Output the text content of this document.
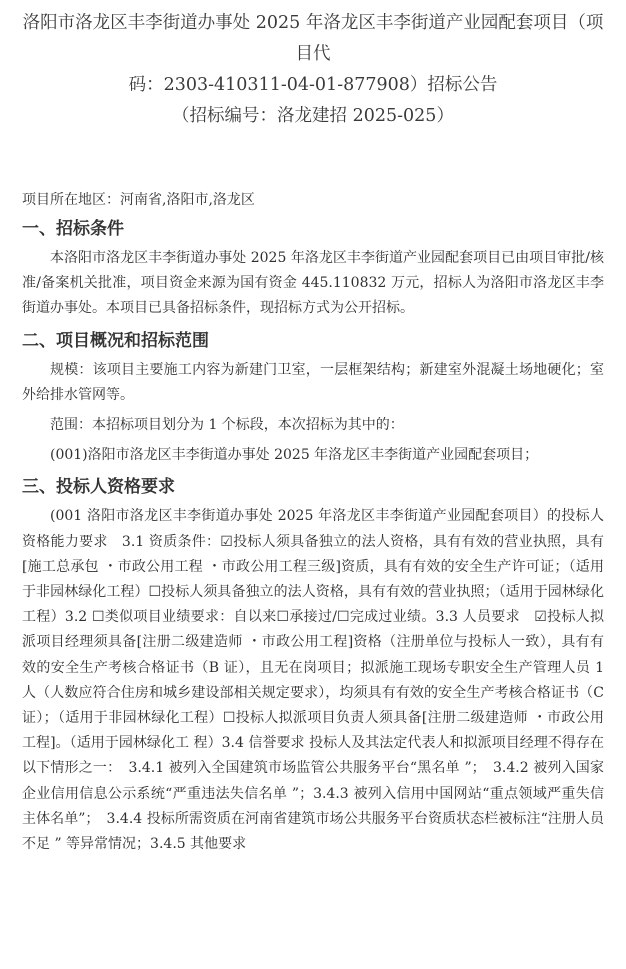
洛阳市洛龙区丰李街道办事处 2025 年洛龙区丰李街道产业园配套项目（项目代
码：2303-410311-04-01-877908）招标公告
（招标编号：洛龙建招 2025-025）
项目所在地区：河南省,洛阳市,洛龙区
一、招标条件

本洛阳市洛龙区丰李街道办事处 2025 年洛龙区丰李街道产业园配套项目已由项目审批/核准/备案机关批准，项目资金来源为国有资金 445.110832 万元，招标人为洛阳市洛龙区丰李街道办事处。本项目已具备招标条件，现招标方式为公开招标。

二、项目概况和招标范围

规模：该项目主要施工内容为新建门卫室，一层框架结构；新建室外混凝土场地硬化；室外给排水管网等。

范围：本招标项目划分为 1 个标段，本次招标为其中的：

(001)洛阳市洛龙区丰李街道办事处 2025 年洛龙区丰李街道产业园配套项目；

三、投标人资格要求

(001 洛阳市洛龙区丰李街道办事处 2025 年洛龙区丰李街道产业园配套项目）的投标人资格能力要求　3.1 资质条件：☑投标人须具备独立的法人资格，具有有效的营业执照，具有[施工总承包 ・市政公用工程 ・市政公用工程三级]资质，具有有效的安全生产许可证；（适用于非园林绿化工程）☐投标人须具备独立的法人资格，具有有效的营业执照；（适用于园林绿化工程）3.2 ☐类似项目业绩要求：自以来☐承接过/☐完成过业绩。3.3 人员要求　☑投标人拟派项目经理须具备[注册二级建造师 ・市政公用工程]资格（注册单位与投标人一致），具有有效的安全生产考核合格证书（B 证），且无在岗项目；拟派施工现场专职安全生产管理人员 1 人（人数应符合住房和城乡建设部相关规定要求），均须具有有效的安全生产考核合格证书（C 证）；（适用于非园林绿化工程）☐投标人拟派项目负责人须具备[注册二级建造师 ・市政公用工程]。（适用于园林绿化工 程）3.4 信誉要求 投标人及其法定代表人和拟派项目经理不得存在以下情形之一：　3.4.1 被列入全国建筑市场监管公共服务平台“黑名单 ”；　3.4.2 被列入国家企业信用信息公示系统“严重违法失信名单 ”；3.4.3 被列入信用中国网站“重点领域严重失信主体名单”；　3.4.4 投标所需资质在河南省建筑市场公共服务平台资质状态栏被标注“注册人员不足 ” 等异常情况；3.4.5 其他要求
